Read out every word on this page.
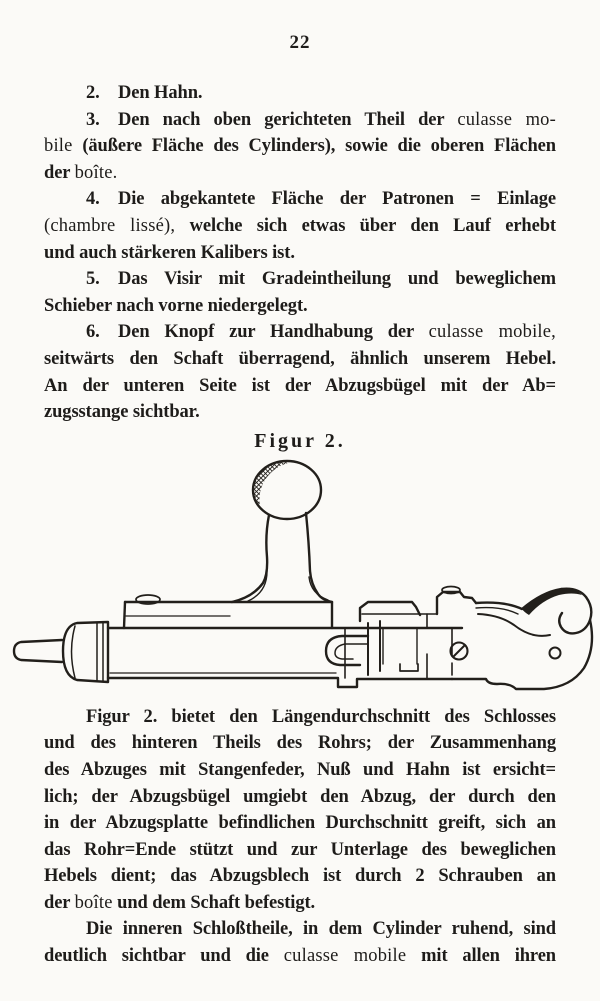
22
2.  Den Hahn.
3.  Den nach oben gerichteten Theil der culasse mo-
bile (äußere Fläche des Cylinders), sowie die oberen Flächen
der boîte.
4.  Die abgekantete Fläche der Patronen = Einlage
(chambre lissé), welche sich etwas über den Lauf erhebt
und auch stärkeren Kalibers ist.
5.  Das Visir mit Gradeintheilung und beweglichem
Schieber nach vorne niedergelegt.
6.  Den Knopf zur Handhabung der culasse mobile,
seitwärts den Schaft überragend, ähnlich unserem Hebel.
An der unteren Seite ist der Abzugsbügel mit der Ab=
zugsstange sichtbar.
Figur 2.
Figur 2. bietet den Längendurchschnitt des Schlosses
und des hinteren Theils des Rohrs; der Zusammenhang
des Abzuges mit Stangenfeder, Nuß und Hahn ist ersicht=
lich; der Abzugsbügel umgiebt den Abzug, der durch den
in der Abzugsplatte befindlichen Durchschnitt greift, sich an
das Rohr=Ende stützt und zur Unterlage des beweglichen
Hebels dient; das Abzugsblech ist durch 2 Schrauben an
der boîte und dem Schaft befestigt.
Die inneren Schloßtheile, in dem Cylinder ruhend, sind
deutlich sichtbar und die culasse mobile mit allen ihren
